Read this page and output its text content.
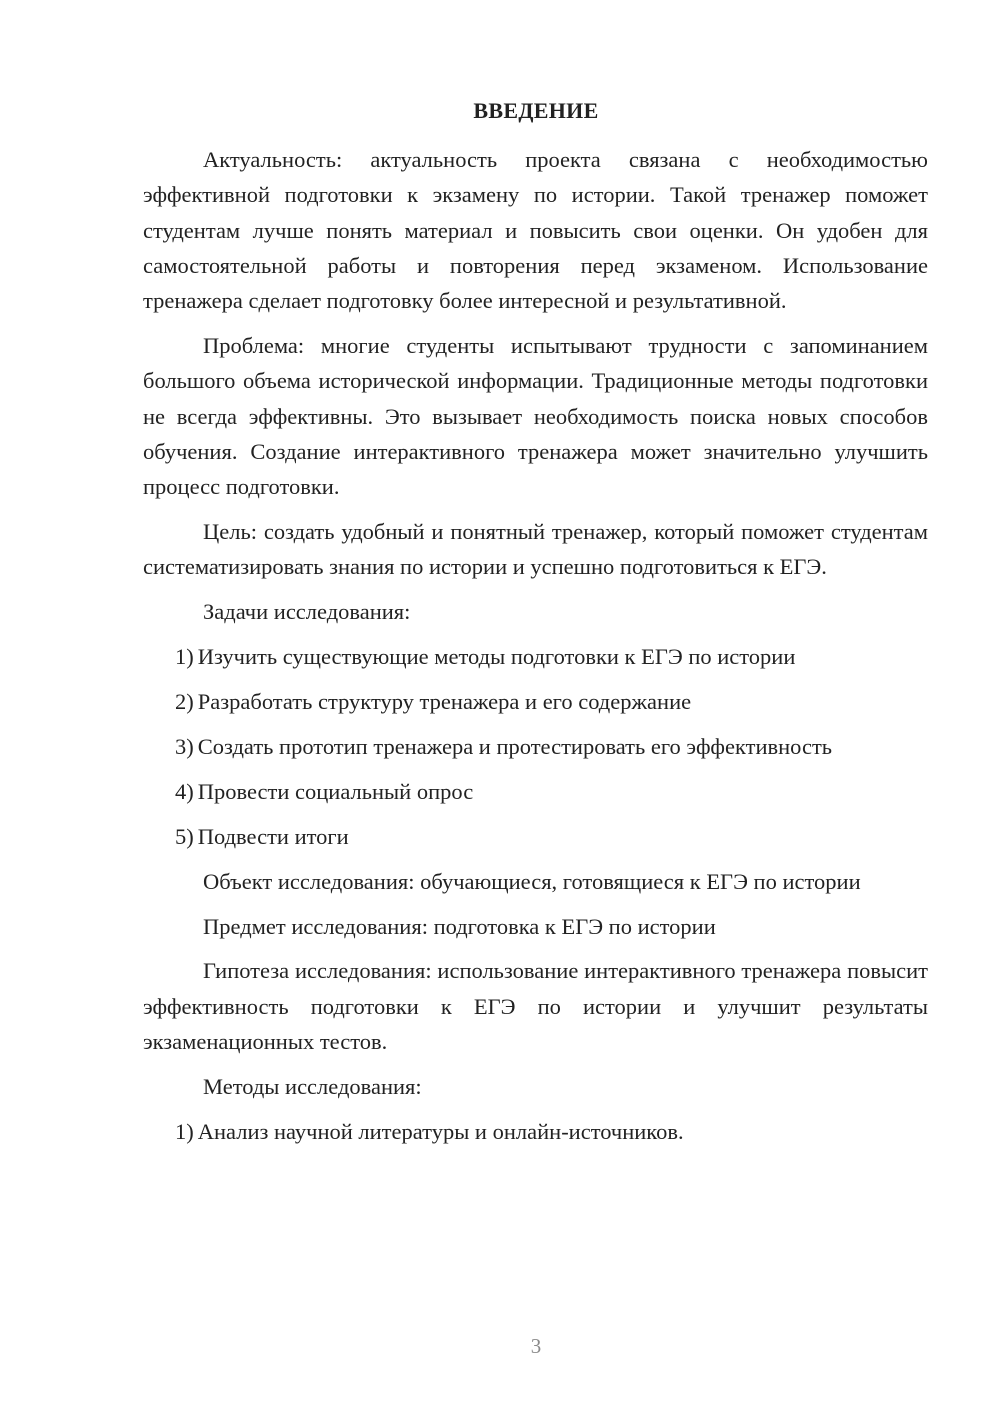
ВВЕДЕНИЕ

Актуальность: актуальность проекта связана с необходимостью эффективной подготовки к экзамену по истории. Такой тренажер поможет студентам лучше понять материал и повысить свои оценки. Он удобен для самостоятельной работы и повторения перед экзаменом. Использование тренажера сделает подготовку более интересной и результативной.

Проблема: многие студенты испытывают трудности с запоминанием большого объема исторической информации. Традиционные методы подготовки не всегда эффективны. Это вызывает необходимость поиска новых способов обучения. Создание интерактивного тренажера может значительно улучшить процесс подготовки.

Цель: создать удобный и понятный тренажер, который поможет студентам систематизировать знания по истории и успешно подготовиться к ЕГЭ.

Задачи исследования:

1) Изучить существующие методы подготовки к ЕГЭ по истории
2) Разработать структуру тренажера и его содержание
3) Создать прототип тренажера и протестировать его эффективность
4) Провести социальный опрос
5) Подвести итоги

Объект исследования: обучающиеся, готовящиеся к ЕГЭ по истории

Предмет исследования: подготовка к ЕГЭ по истории

Гипотеза исследования: использование интерактивного тренажера повысит эффективность подготовки к ЕГЭ по истории и улучшит результаты экзаменационных тестов.

Методы исследования:

1) Анализ научной литературы и онлайн-источников.
3
